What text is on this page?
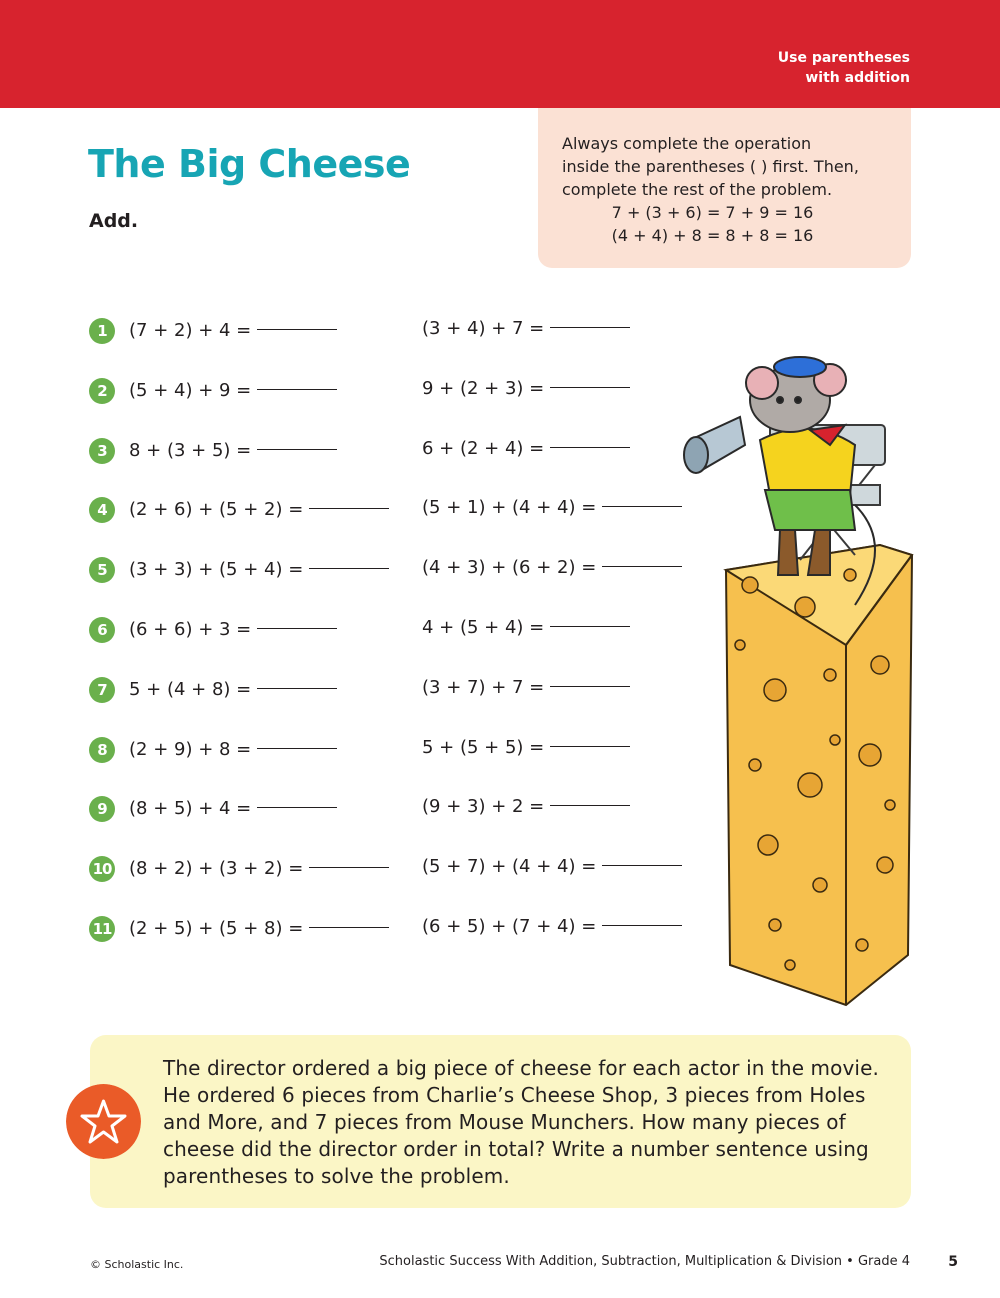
Use parentheses
with addition
The Big Cheese
Add.
Always complete the operation
inside the parentheses ( ) first. Then,
complete the rest of the problem.
7 + (3 + 6) = 7 + 9 = 16
(4 + 4) + 8 = 8 + 8 = 16
1	(7 + 2) + 4 =	(3 + 4) + 7 =
2	(5 + 4) + 9 =	9 + (2 + 3) =
3	8 + (3 + 5) =	6 + (2 + 4) =
4	(2 + 6) + (5 + 2) =	(5 + 1) + (4 + 4) =
5	(3 + 3) + (5 + 4) =	(4 + 3) + (6 + 2) =
6	(6 + 6) + 3 =	4 + (5 + 4) =
7	5 + (4 + 8) =	(3 + 7) + 7 =
8	(2 + 9) + 8 =	5 + (5 + 5) =
9	(8 + 5) + 4 =	(9 + 3) + 2 =
10 (8 + 2) + (3 + 2) =	(5 + 7) + (4 + 4) =
11 (2 + 5) + (5 + 8) =	(6 + 5) + (7 + 4) =
The director ordered a big piece of cheese for each actor in the movie.
He ordered 6 pieces from Charlie’s Cheese Shop, 3 pieces from Holes
and More, and 7 pieces from Mouse Munchers. How many pieces of
cheese did the director order in total? Write a number sentence using
parentheses to solve the problem.
© Scholastic Inc.	Scholastic Success With Addition, Subtraction, Multiplication & Division • Grade 4	5
